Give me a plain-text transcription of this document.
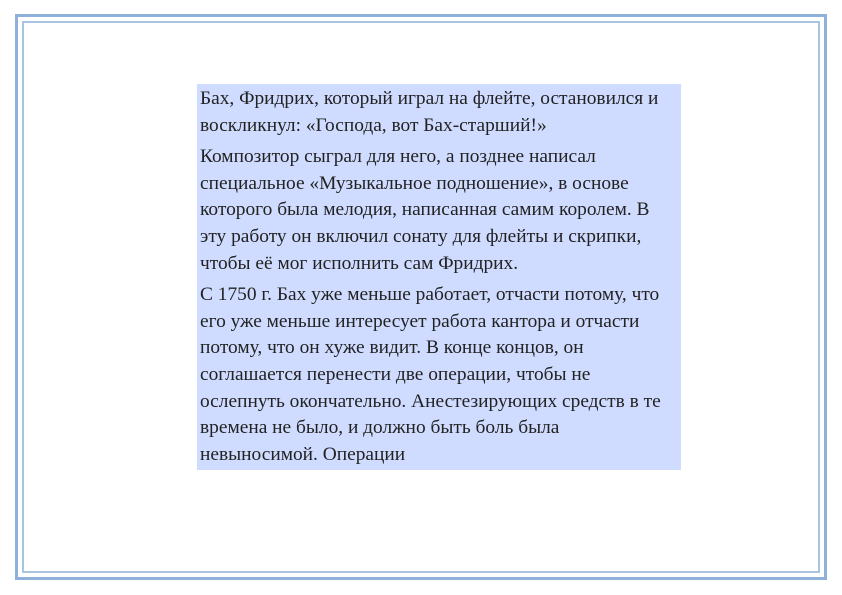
Бах, Фридрих, который играл на флейте, остановился и воскликнул: «Господа, вот Бах-старший!»

Композитор сыграл для него, а позднее написал специальное «Музыкальное подношение», в основе которого была мелодия, написанная самим королем. В эту работу он включил сонату для флейты и скрипки, чтобы её мог исполнить сам Фридрих.

С 1750 г. Бах уже меньше работает, отчасти потому, что его уже меньше интересует работа кантора и отчасти потому, что он хуже видит. В конце концов, он соглашается перенести две операции, чтобы не ослепнуть окончательно. Анестезирующих средств в те времена не было, и должно быть боль была невыносимой. Операции
